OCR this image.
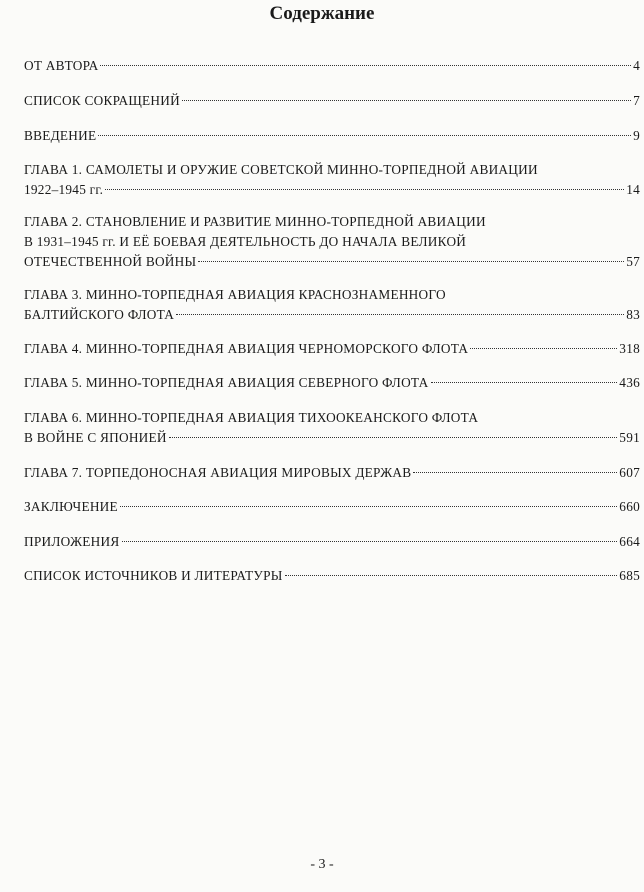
Содержание
ОТ АВТОРА	4
СПИСОК СОКРАЩЕНИЙ	7
ВВЕДЕНИЕ	9
ГЛАВА 1. САМОЛЕТЫ И ОРУЖИЕ СОВЕТСКОЙ МИННО-ТОРПЕДНОЙ АВИАЦИИ
1922–1945 гг.	14
ГЛАВА 2. СТАНОВЛЕНИЕ И РАЗВИТИЕ МИННО-ТОРПЕДНОЙ АВИАЦИИ
В 1931–1945 гг. И ЕЁ БОЕВАЯ ДЕЯТЕЛЬНОСТЬ ДО НАЧАЛА ВЕЛИКОЙ
ОТЕЧЕСТВЕННОЙ ВОЙНЫ	57
ГЛАВА 3. МИННО-ТОРПЕДНАЯ АВИАЦИЯ КРАСНОЗНАМЕННОГО
БАЛТИЙСКОГО ФЛОТА	83
ГЛАВА 4. МИННО-ТОРПЕДНАЯ АВИАЦИЯ ЧЕРНОМОРСКОГО ФЛОТА	318
ГЛАВА 5. МИННО-ТОРПЕДНАЯ АВИАЦИЯ СЕВЕРНОГО ФЛОТА	436
ГЛАВА 6. МИННО-ТОРПЕДНАЯ АВИАЦИЯ ТИХООКЕАНСКОГО ФЛОТА
В ВОЙНЕ С ЯПОНИЕЙ	591
ГЛАВА 7. ТОРПЕДОНОСНАЯ АВИАЦИЯ МИРОВЫХ ДЕРЖАВ	607
ЗАКЛЮЧЕНИЕ	660
ПРИЛОЖЕНИЯ	664
СПИСОК ИСТОЧНИКОВ И ЛИТЕРАТУРЫ	685
- 3 -
